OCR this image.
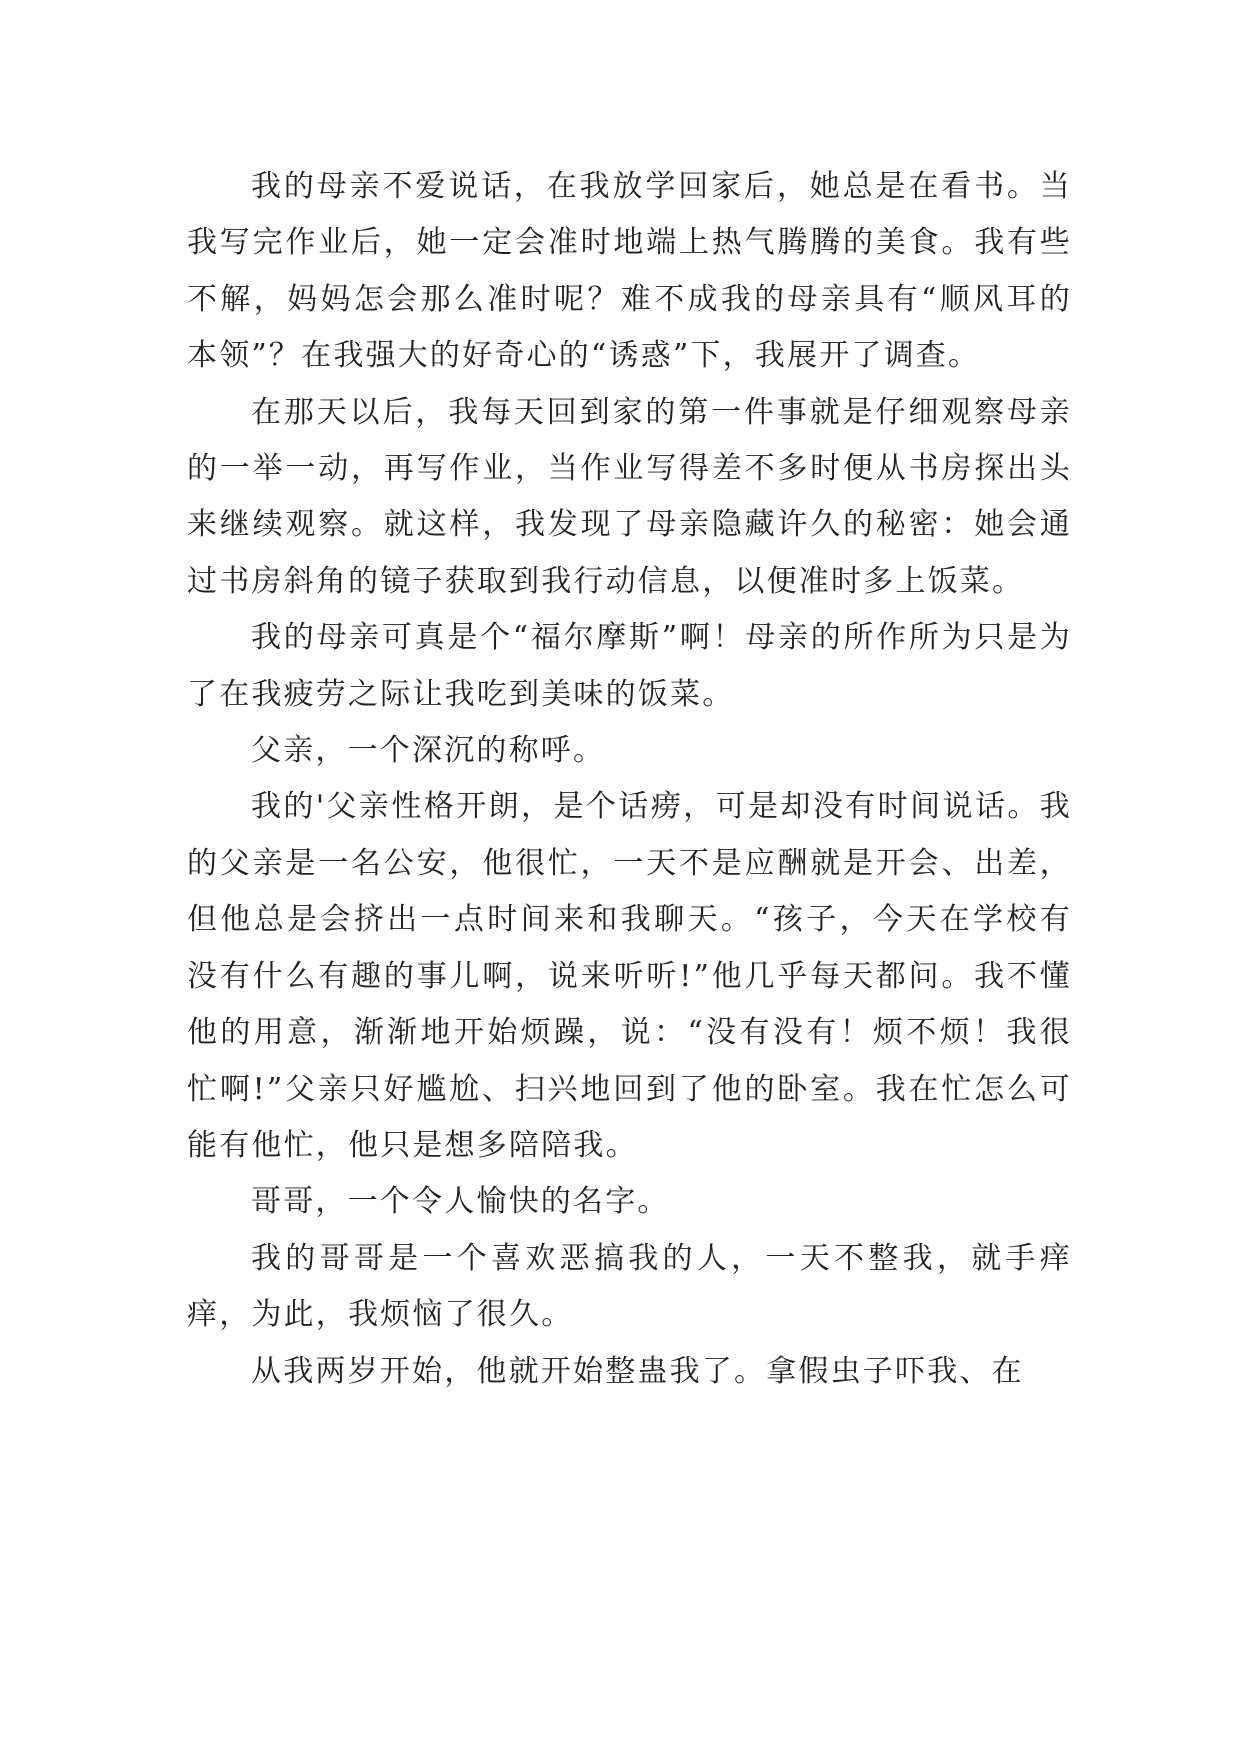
我的母亲不爱说话，在我放学回家后，她总是在看书。当我写完作业后，她一定会准时地端上热气腾腾的美食。我有些不解，妈妈怎会那么准时呢？难不成我的母亲具有“顺风耳的本领”？在我强大的好奇心的“诱惑”下，我展开了调查。

在那天以后，我每天回到家的第一件事就是仔细观察母亲的一举一动，再写作业，当作业写得差不多时便从书房探出头来继续观察。就这样，我发现了母亲隐藏许久的秘密：她会通过书房斜角的镜子获取到我行动信息，以便准时多上饭菜。

我的母亲可真是个“福尔摩斯”啊！母亲的所作所为只是为了在我疲劳之际让我吃到美味的饭菜。

父亲，一个深沉的称呼。

我的'父亲性格开朗，是个话痨，可是却没有时间说话。我的父亲是一名公安，他很忙，一天不是应酬就是开会、出差，但他总是会挤出一点时间来和我聊天。“孩子，今天在学校有没有什么有趣的事儿啊，说来听听!”他几乎每天都问。我不懂他的用意，渐渐地开始烦躁，说：“没有没有！烦不烦！我很忙啊!”父亲只好尴尬、扫兴地回到了他的卧室。我在忙怎么可能有他忙，他只是想多陪陪我。

哥哥，一个令人愉快的名字。

我的哥哥是一个喜欢恶搞我的人，一天不整我，就手痒痒，为此，我烦恼了很久。

从我两岁开始，他就开始整蛊我了。拿假虫子吓我、在
